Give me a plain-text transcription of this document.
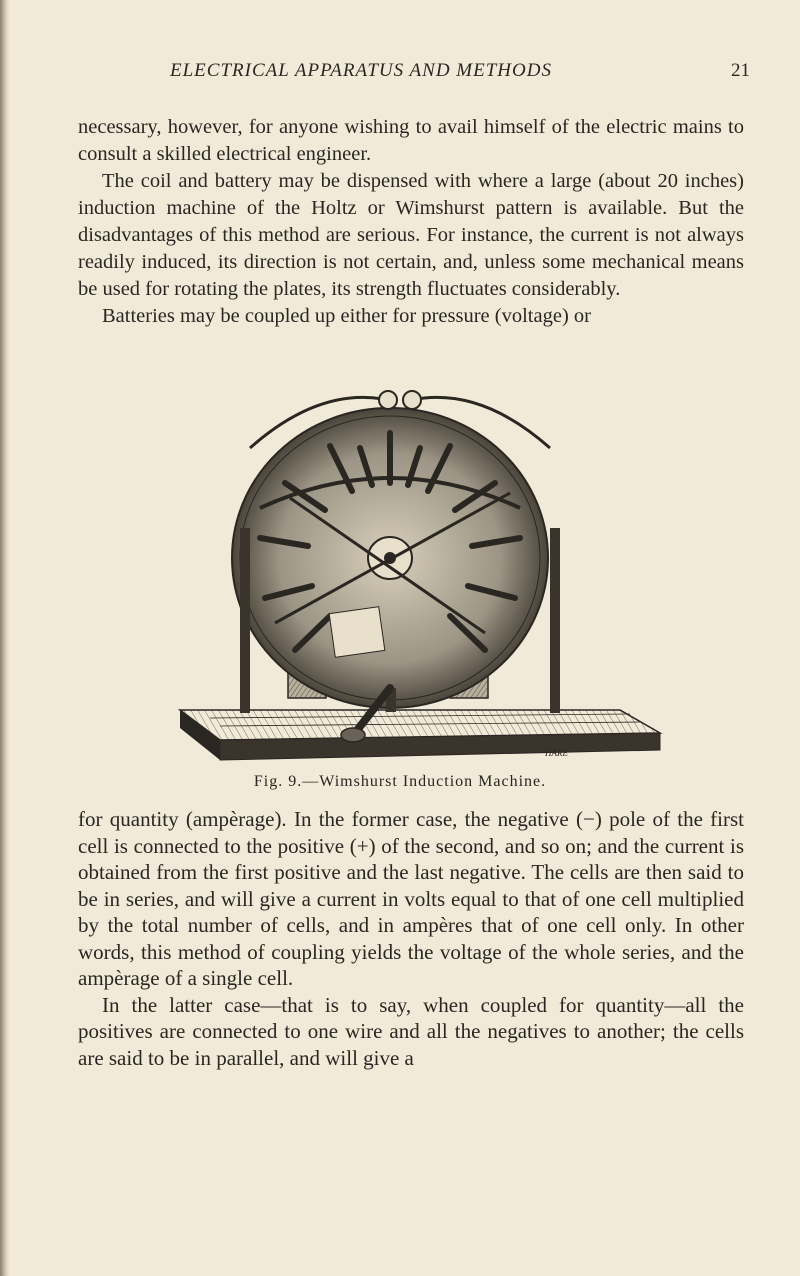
ELECTRICAL APPARATUS AND METHODS	21

necessary, however, for anyone wishing to avail himself of the electric mains to consult a skilled electrical engineer.

The coil and battery may be dispensed with where a large (about 20 inches) induction machine of the Holtz or Wimshurst pattern is available. But the disadvantages of this method are serious. For instance, the current is not always readily induced, its direction is not certain, and, unless some mechanical means be used for rotating the plates, its strength fluctuates considerably.

Batteries may be coupled up either for pressure (voltage) or

HARE
Fig. 9.—Wimshurst Induction Machine.

for quantity (ampèrage). In the former case, the negative (−) pole of the first cell is connected to the positive (+) of the second, and so on; and the current is obtained from the first positive and the last negative. The cells are then said to be in series, and will give a current in volts equal to that of one cell multiplied by the total number of cells, and in ampères that of one cell only. In other words, this method of coupling yields the voltage of the whole series, and the ampèrage of a single cell.

In the latter case—that is to say, when coupled for quantity—all the positives are connected to one wire and all the negatives to another; the cells are said to be in parallel, and will give a
